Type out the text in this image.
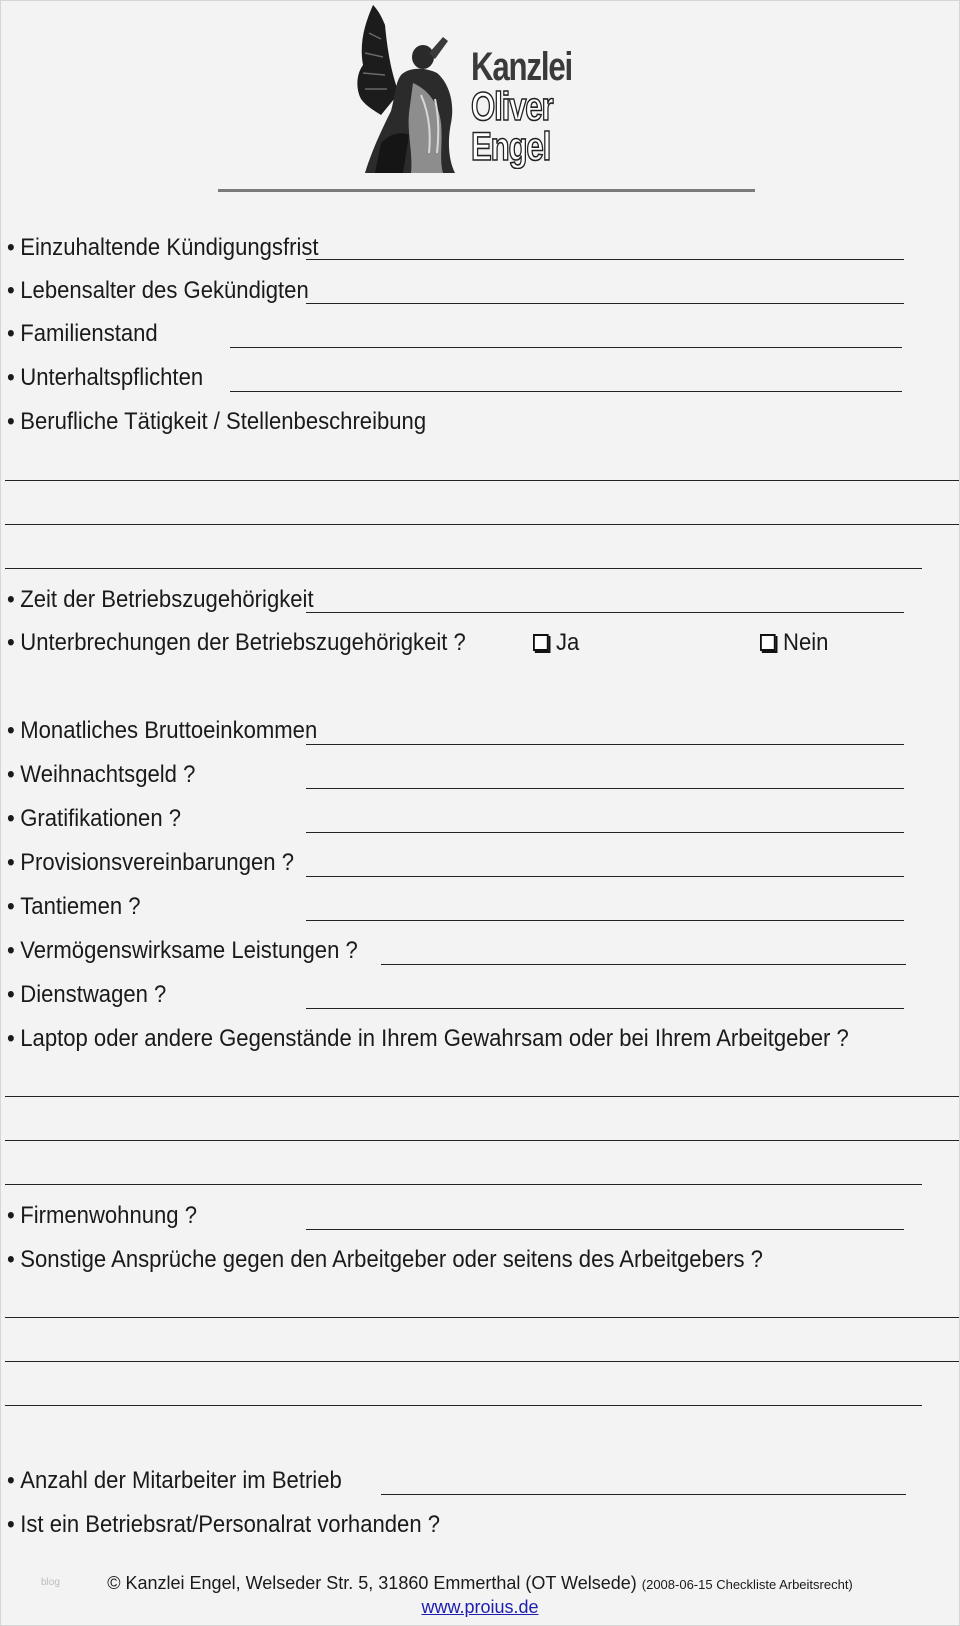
Kanzlei
Oliver
Engel
• Einzuhaltende Kündigungsfrist
• Lebensalter des Gekündigten
• Familienstand
• Unterhaltspflichten
• Berufliche Tätigkeit / Stellenbeschreibung
• Zeit der Betriebszugehörigkeit
• Unterbrechungen der Betriebszugehörigkeit ?	Ja	Nein
• Monatliches Bruttoeinkommen
• Weihnachtsgeld ?
• Gratifikationen ?
• Provisionsvereinbarungen ?
• Tantiemen ?
• Vermögenswirksame Leistungen ?
• Dienstwagen ?
• Laptop oder andere Gegenstände in Ihrem Gewahrsam oder bei Ihrem Arbeitgeber ?
• Firmenwohnung ?
• Sonstige Ansprüche gegen den Arbeitgeber oder seitens des Arbeitgebers ?
• Anzahl der Mitarbeiter im Betrieb
• Ist ein Betriebsrat/Personalrat vorhanden ?
blog	© Kanzlei Engel, Welseder Str. 5, 31860 Emmerthal (OT Welsede) (2008-06-15 Checkliste Arbeitsrecht)
www.proius.de
